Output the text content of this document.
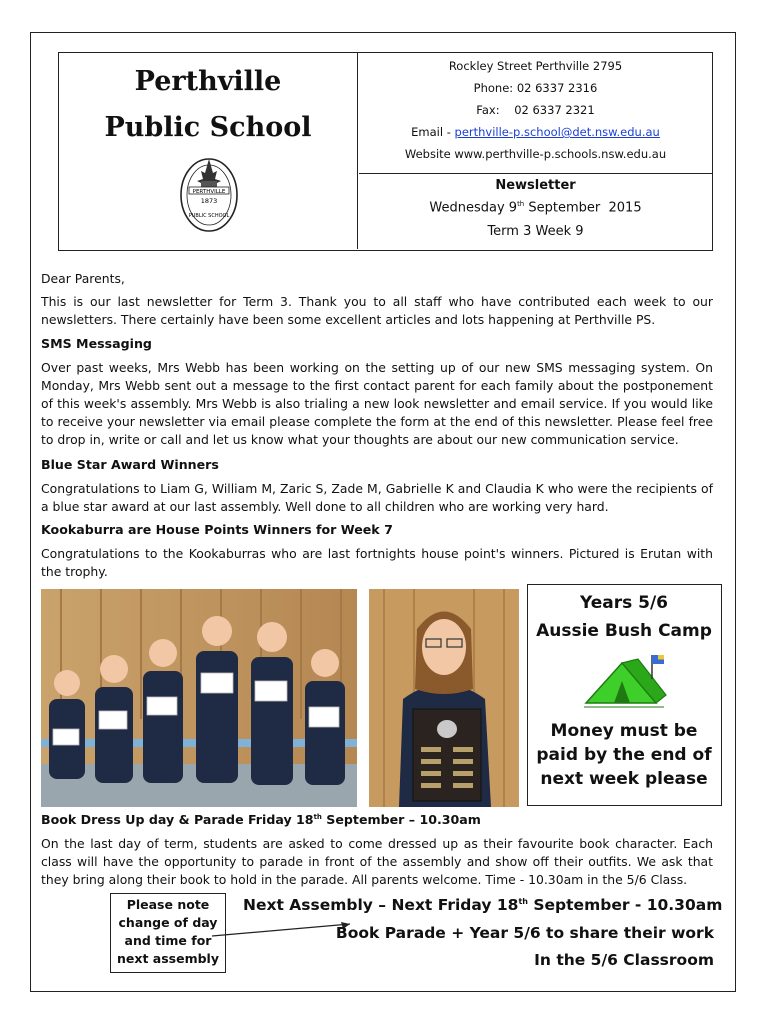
Perthville
Public School
PERTHVILLE
1873
PUBLIC SCHOOL
Rockley Street Perthville 2795
Phone: 02 6337 2316
Fax:    02 6337 2321
Email - perthville-p.school@det.nsw.edu.au
Website www.perthville-p.schools.nsw.edu.au
Newsletter
Wednesday 9th September  2015
Term 3 Week 9
Dear Parents,
This is our last newsletter for Term 3. Thank you to all staff who have contributed each week to our newsletters. There certainly have been some excellent articles and lots happening at Perthville PS.
SMS Messaging
Over past weeks, Mrs Webb has been working on the setting up of our new SMS messaging system. On Monday, Mrs Webb sent out a message to the first contact parent for each family about the postponement of this week's assembly. Mrs Webb is also trialing a new look newsletter and email service. If you would like to receive your newsletter via email please complete the form at the end of this newsletter. Please feel free to drop in, write or call and let us know what your thoughts are about our new communication service.
Blue Star Award Winners
Congratulations to Liam G, William M, Zaric S, Zade M, Gabrielle K and Claudia K who were the recipients of a blue star award at our last assembly. Well done to all children who are working very hard.
Kookaburra are House Points Winners for Week 7
Congratulations to the Kookaburras who are last fortnights house point's winners. Pictured is Erutan with the trophy.
Years 5/6
Aussie Bush Camp
Money must be
paid by the end of
next week please
Book Dress Up day & Parade Friday 18th September – 10.30am
On the last day of term, students are asked to come dressed up as their favourite book character. Each class will have the opportunity to parade in front of the assembly and show off their outfits. We ask that they bring along their book to hold in the parade. All parents welcome. Time - 10.30am in the 5/6 Class.
Please note
change of day
and time for
next assembly
Next Assembly – Next Friday 18th September - 10.30am
Book Parade + Year 5/6 to share their work
In the 5/6 Classroom
